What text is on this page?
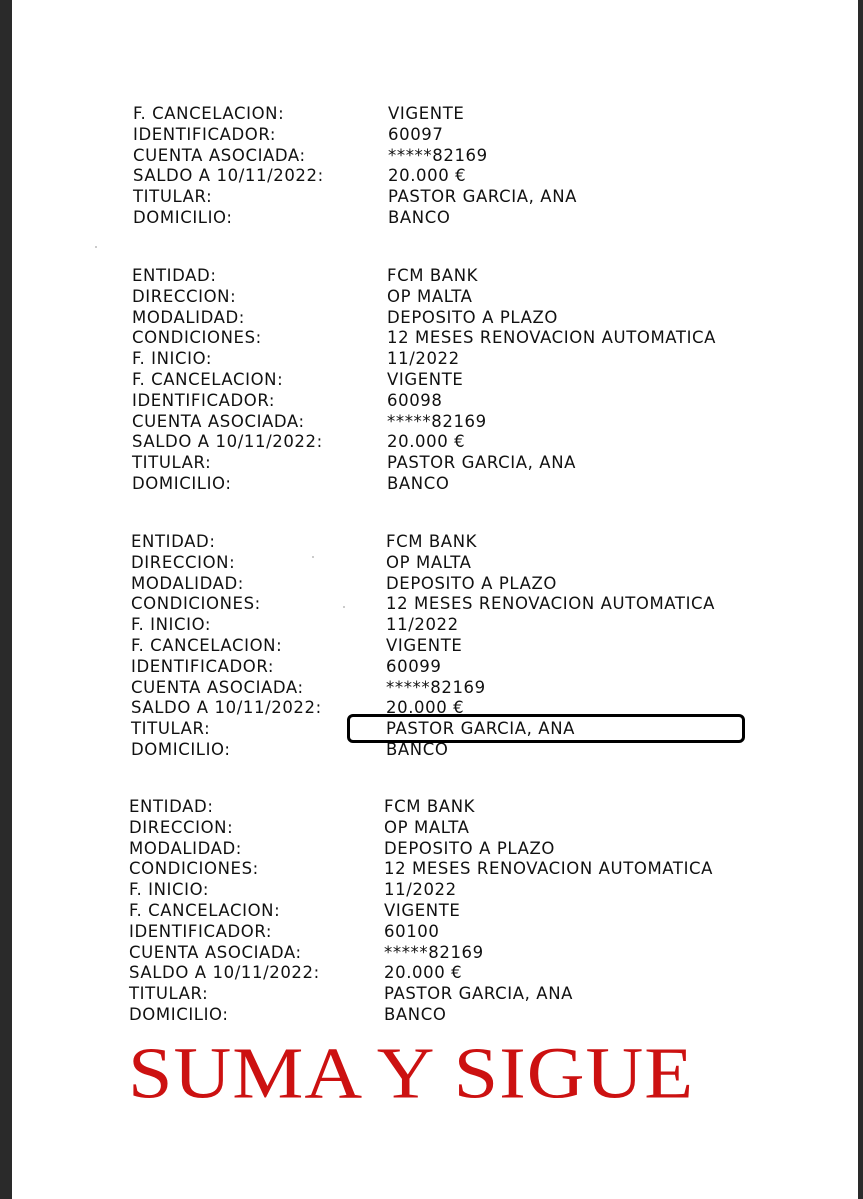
F. CANCELACION:	VIGENTE
IDENTIFICADOR:	60097
CUENTA ASOCIADA:	*****82169
SALDO A 10/11/2022:	20.000 €
TITULAR:	PASTOR GARCIA, ANA
DOMICILIO:	BANCO
ENTIDAD:	FCM BANK
DIRECCION:	OP MALTA
MODALIDAD:	DEPOSITO A PLAZO
CONDICIONES:	12 MESES RENOVACION AUTOMATICA
F. INICIO:	11/2022
F. CANCELACION:	VIGENTE
IDENTIFICADOR:	60098
CUENTA ASOCIADA:	*****82169
SALDO A 10/11/2022:	20.000 €
TITULAR:	PASTOR GARCIA, ANA
DOMICILIO:	BANCO
ENTIDAD:	FCM BANK
DIRECCION:	OP MALTA
MODALIDAD:	DEPOSITO A PLAZO
CONDICIONES:	12 MESES RENOVACION AUTOMATICA
F. INICIO:	11/2022
F. CANCELACION:	VIGENTE
IDENTIFICADOR:	60099
CUENTA ASOCIADA:	*****82169
SALDO A 10/11/2022:	20.000 €
TITULAR:	PASTOR GARCIA, ANA
DOMICILIO:	BANCO
ENTIDAD:	FCM BANK
DIRECCION:	OP MALTA
MODALIDAD:	DEPOSITO A PLAZO
CONDICIONES:	12 MESES RENOVACION AUTOMATICA
F. INICIO:	11/2022
F. CANCELACION:	VIGENTE
IDENTIFICADOR:	60100
CUENTA ASOCIADA:	*****82169
SALDO A 10/11/2022:	20.000 €
TITULAR:	PASTOR GARCIA, ANA
DOMICILIO:	BANCO
SUMA Y SIGUE
